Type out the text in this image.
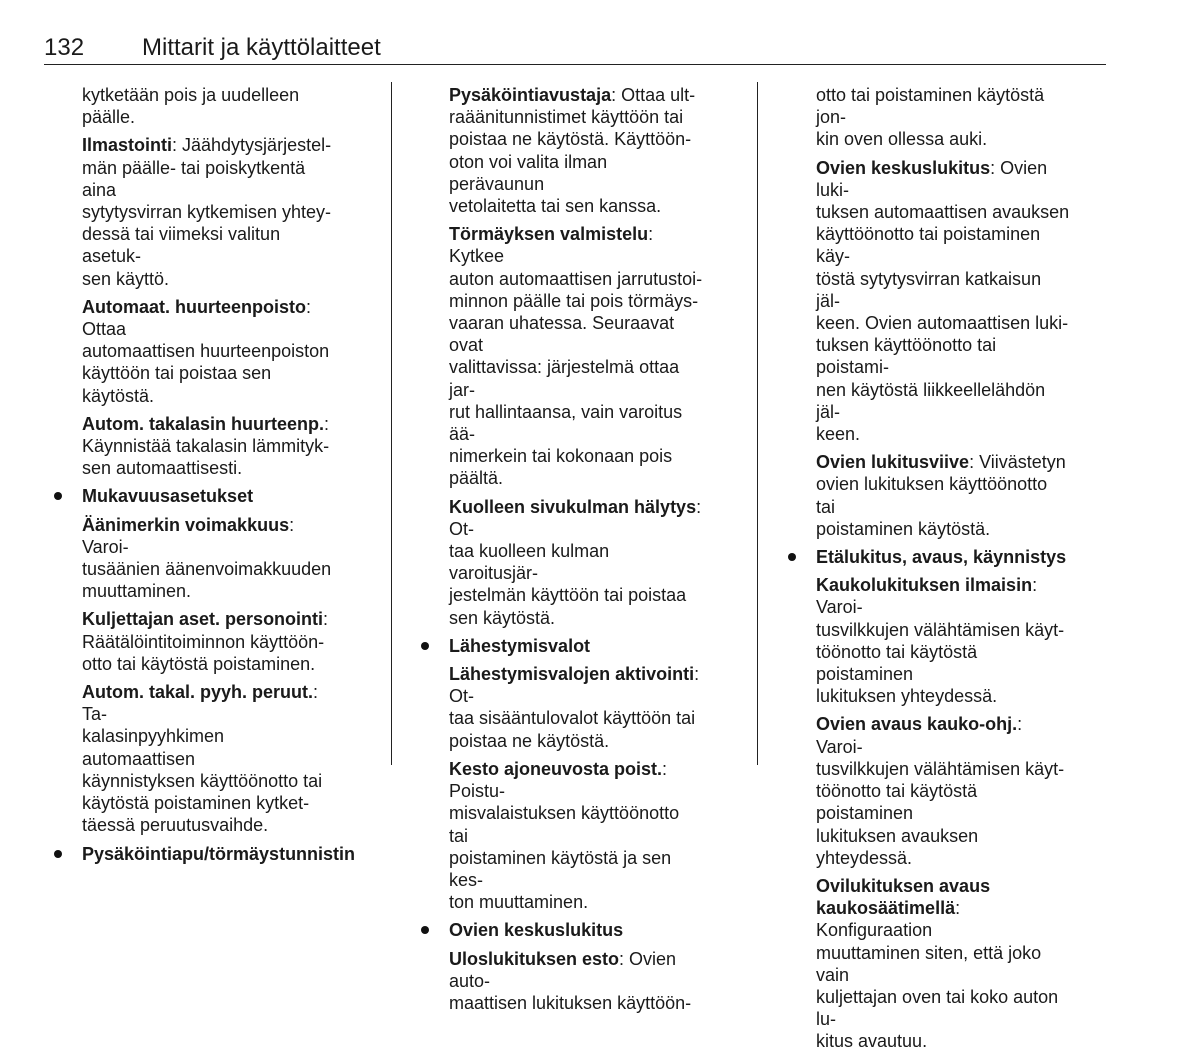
132 Mittarit ja käyttölaitteet
kytketään pois ja uudelleen
päälle.
Ilmastointi: Jäähdytysjärjestel-
män päälle- tai poiskytkentä aina
sytytysvirran kytkemisen yhtey-
dessä tai viimeksi valitun asetuk-
sen käyttö.
Automaat. huurteenpoisto: Ottaa
automaattisen huurteenpoiston
käyttöön tai poistaa sen käytöstä.
Autom. takalasin huurteenp.:
Käynnistää takalasin lämmityk-
sen automaattisesti.
Mukavuusasetukset
Äänimerkin voimakkuus: Varoi-
tusäänien äänenvoimakkuuden
muuttaminen.
Kuljettajan aset. personointi:
Räätälöintitoiminnon käyttöön-
otto tai käytöstä poistaminen.
Autom. takal. pyyh. peruut.: Ta-
kalasinpyyhkimen automaattisen
käynnistyksen käyttöönotto tai
käytöstä poistaminen kytket-
täessä peruutusvaihde.
Pysäköintiapu/törmäystunnistin
Pysäköintiavustaja: Ottaa ult-
raäänitunnistimet käyttöön tai
poistaa ne käytöstä. Käyttöön-
oton voi valita ilman perävaunun
vetolaitetta tai sen kanssa.
Törmäyksen valmistelu: Kytkee
auton automaattisen jarrutustoi-
minnon päälle tai pois törmäys-
vaaran uhatessa. Seuraavat ovat
valittavissa: järjestelmä ottaa jar-
rut hallintaansa, vain varoitus ää-
nimerkein tai kokonaan pois
päältä.
Kuolleen sivukulman hälytys: Ot-
taa kuolleen kulman varoitusjär-
jestelmän käyttöön tai poistaa
sen käytöstä.
Lähestymisvalot
Lähestymisvalojen aktivointi: Ot-
taa sisääntulovalot käyttöön tai
poistaa ne käytöstä.
Kesto ajoneuvosta poist.: Poistu-
misvalaistuksen käyttöönotto tai
poistaminen käytöstä ja sen kes-
ton muuttaminen.
Ovien keskuslukitus
Uloslukituksen esto: Ovien auto-
maattisen lukituksen käyttöön-
otto tai poistaminen käytöstä jon-
kin oven ollessa auki.
Ovien keskuslukitus: Ovien luki-
tuksen automaattisen avauksen
käyttöönotto tai poistaminen käy-
töstä sytytysvirran katkaisun jäl-
keen. Ovien automaattisen luki-
tuksen käyttöönotto tai poistami-
nen käytöstä liikkeellelähdön jäl-
keen.
Ovien lukitusviive: Viivästetyn
ovien lukituksen käyttöönotto tai
poistaminen käytöstä.
Etälukitus, avaus, käynnistys
Kaukolukituksen ilmaisin: Varoi-
tusvilkkujen välähtämisen käyt-
töönotto tai käytöstä poistaminen
lukituksen yhteydessä.
Ovien avaus kauko-ohj.: Varoi-
tusvilkkujen välähtämisen käyt-
töönotto tai käytöstä poistaminen
lukituksen avauksen yhteydessä.
Ovilukituksen avaus
kaukosäätimellä: Konfiguraation
muuttaminen siten, että joko vain
kuljettajan oven tai koko auton lu-
kitus avautuu.
